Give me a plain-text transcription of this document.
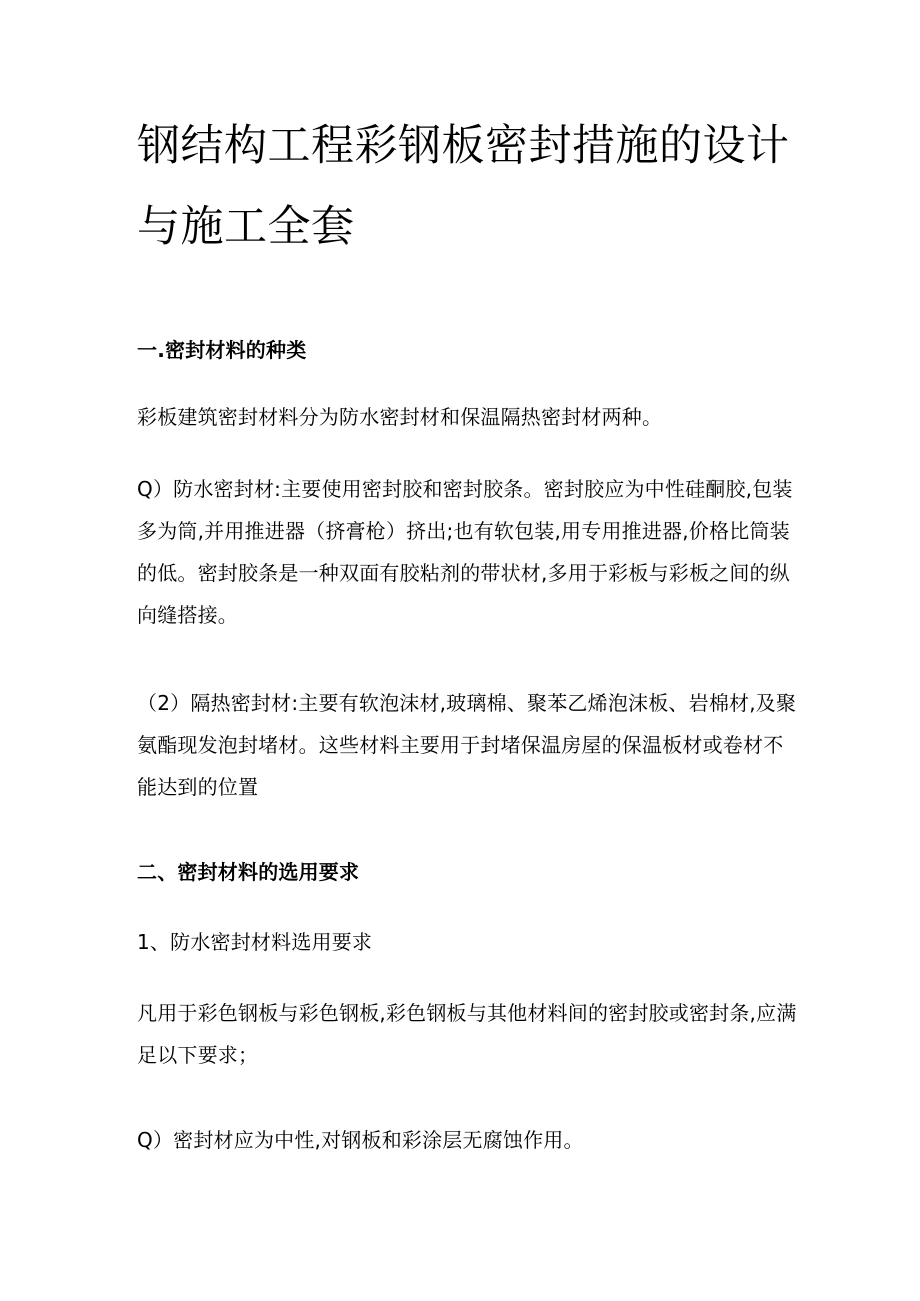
钢结构工程彩钢板密封措施的设计与施工全套

一.密封材料的种类

彩板建筑密封材料分为防水密封材和保温隔热密封材两种。

Q）防水密封材:主要使用密封胶和密封胶条。密封胶应为中性硅酮胶,包装多为筒,并用推进器（挤膏枪）挤出;也有软包装,用专用推进器,价格比筒装的低。密封胶条是一种双面有胶粘剂的带状材,多用于彩板与彩板之间的纵向缝搭接。

（2）隔热密封材:主要有软泡沫材,玻璃棉、聚苯乙烯泡沫板、岩棉材,及聚氨酯现发泡封堵材。这些材料主要用于封堵保温房屋的保温板材或卷材不能达到的位置

二、密封材料的选用要求

1、防水密封材料选用要求

凡用于彩色钢板与彩色钢板,彩色钢板与其他材料间的密封胶或密封条,应满足以下要求；

Q）密封材应为中性,对钢板和彩涂层无腐蚀作用。
